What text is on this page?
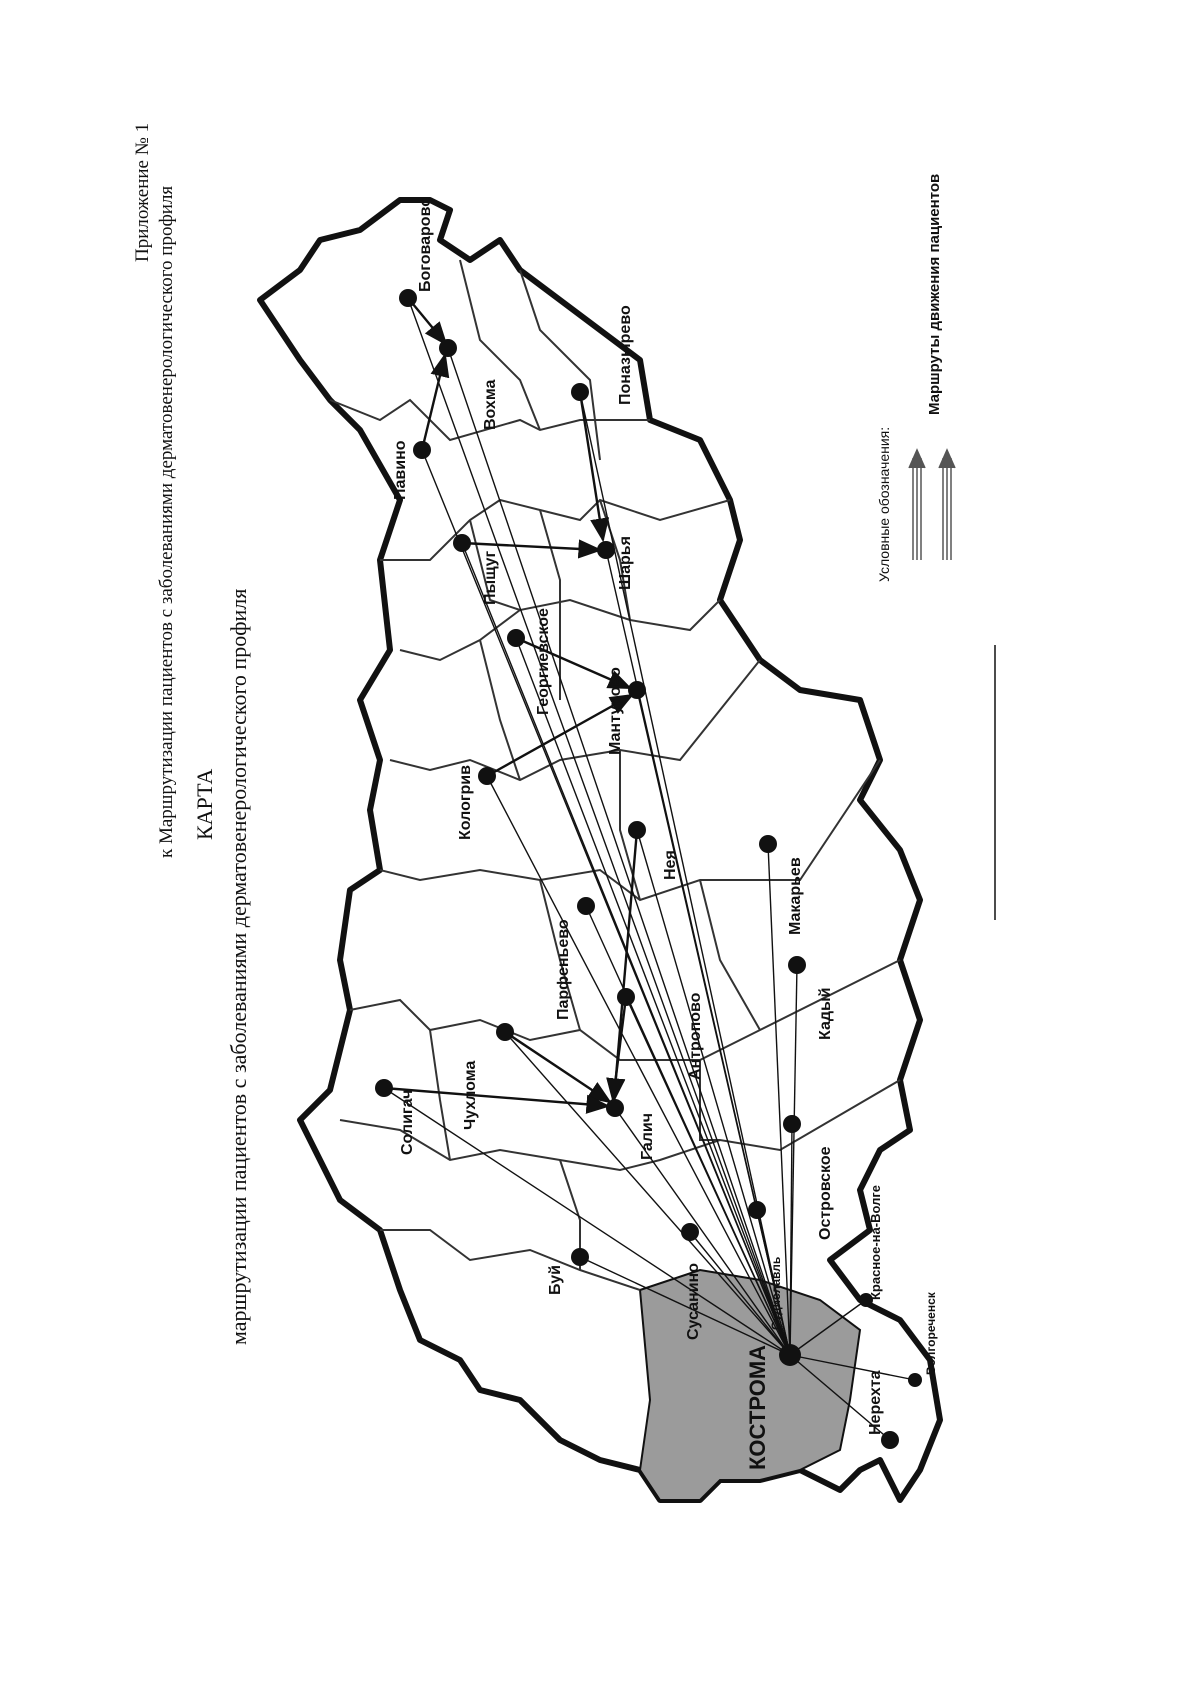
Приложение № 1 к Маршрутизации пациентов с заболеваниями дерматовенерологического профиля КАРТА маршрутизации пациентов с заболеваниями дерматовенерологического профиля
Боговарово
Вохма
Павино
Поназырево
Пыщуг	Шарья
Георгиевское	Мантурово
Кологрив
Нея	Макарьев
Парфеньево	Кадый
Антропово
Чухлома
Солигач	Галич
Островское
Сусанино
Буй	Красное-на-Волге
Волгореченск
Нерехта
Судиславль
КОСТРОМА
Условные обозначения:
Маршруты движения пациентов
